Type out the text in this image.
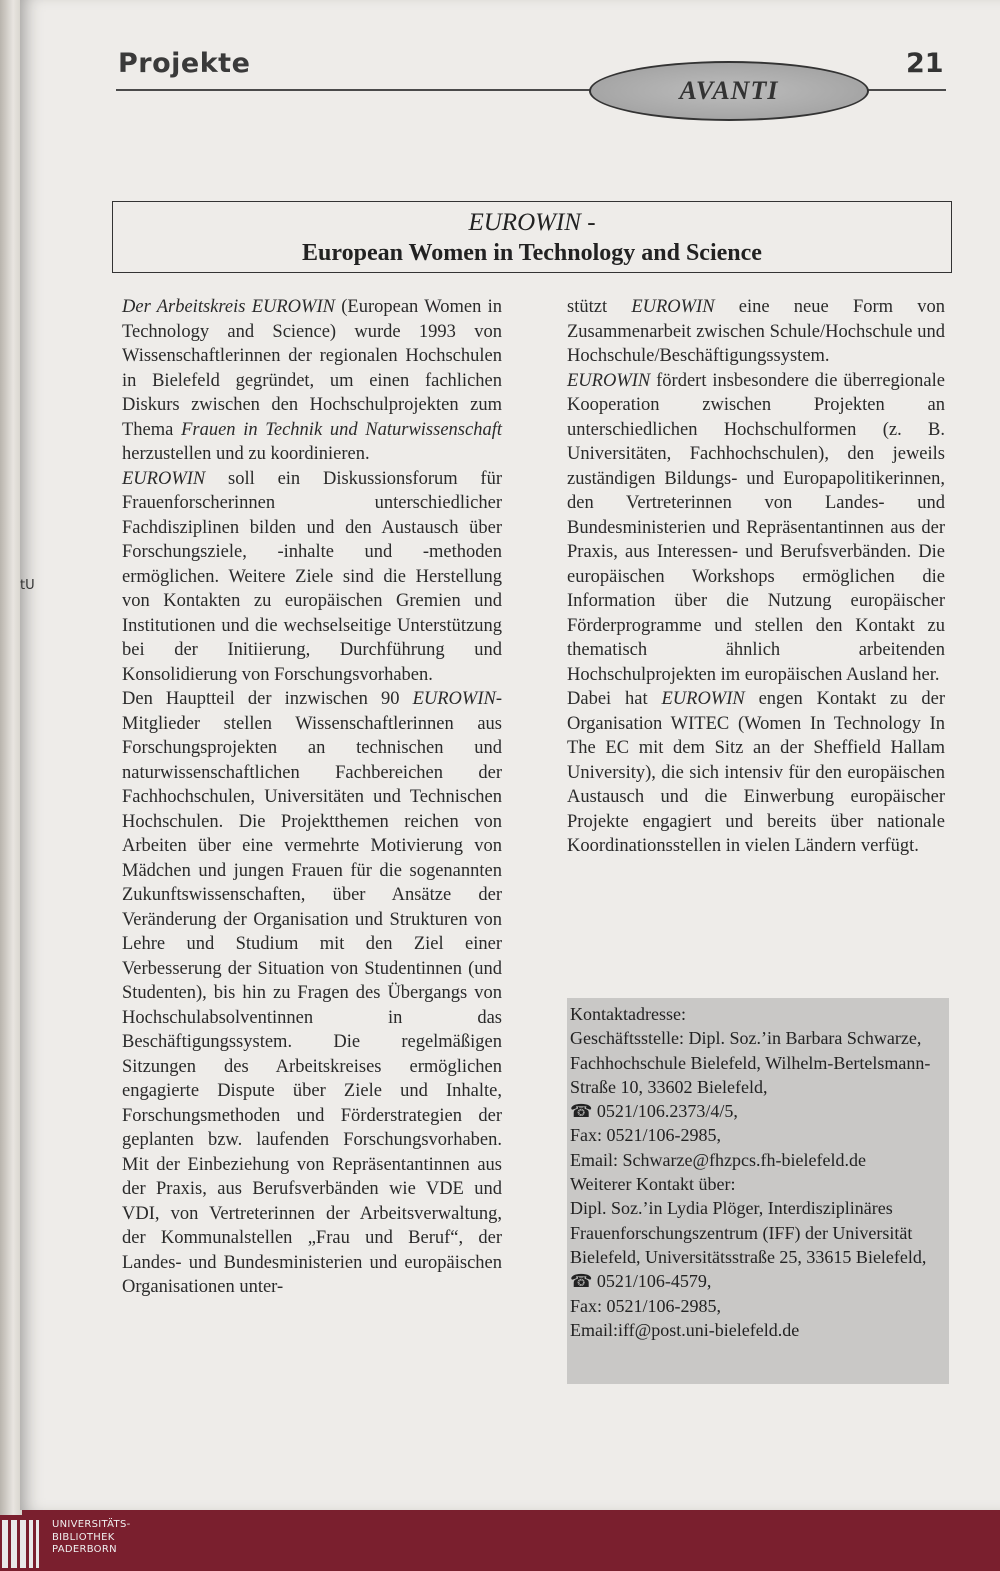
tU
Projekte
AVANTI
21
EUROWIN -
European Women in Technology and Science

Der Arbeitskreis EUROWIN (European Women in Technology and Science) wurde 1993 von Wissenschaftlerinnen der regionalen Hochschulen in Bielefeld gegründet, um einen fachlichen Diskurs zwischen den Hochschulprojekten zum Thema Frauen in Technik und Naturwissenschaft herzustellen und zu koordinieren.

EUROWIN soll ein Diskussionsforum für Frauenforscherinnen unterschiedlicher Fachdisziplinen bilden und den Austausch über Forschungsziele, -inhalte und -methoden ermöglichen. Weitere Ziele sind die Herstellung von Kontakten zu europäischen Gremien und Institutionen und die wechselseitige Unterstützung bei der Initiierung, Durchführung und Konsolidierung von Forschungsvorhaben.

Den Hauptteil der inzwischen 90 EUROWIN-Mitglieder stellen Wissenschaftlerinnen aus Forschungsprojekten an technischen und naturwissenschaftlichen Fachbereichen der Fachhochschulen, Universitäten und Technischen Hochschulen. Die Projektthemen reichen von Arbeiten über eine vermehrte Motivierung von Mädchen und jungen Frauen für die sogenannten Zukunftswissenschaften, über Ansätze der Veränderung der Organisation und Strukturen von Lehre und Studium mit den Ziel einer Verbesserung der Situation von Studentinnen (und Studenten), bis hin zu Fragen des Übergangs von Hochschulabsolventinnen in das Beschäftigungssystem. Die regelmäßigen Sitzungen des Arbeitskreises ermöglichen engagierte Dispute über Ziele und Inhalte, Forschungsmethoden und Förderstrategien der geplanten bzw. laufenden Forschungsvorhaben. Mit der Einbeziehung von Repräsentantinnen aus der Praxis, aus Berufsverbänden wie VDE und VDI, von Vertreterinnen der Arbeitsverwaltung, der Kommunalstellen „Frau und Beruf“, der Landes- und Bundesministerien und europäischen Organisationen unter-

stützt EUROWIN eine neue Form von Zusammenarbeit zwischen Schule/Hochschule und Hochschule/Beschäftigungssystem.

EUROWIN fördert insbesondere die überregionale Kooperation zwischen Projekten an unterschiedlichen Hochschulformen (z. B. Universitäten, Fachhochschulen), den jeweils zuständigen Bildungs- und Europapolitikerinnen, den Vertreterinnen von Landes- und Bundesministerien und Repräsentantinnen aus der Praxis, aus Interessen- und Berufsverbänden. Die europäischen Workshops ermöglichen die Information über die Nutzung europäischer Förderprogramme und stellen den Kontakt zu thematisch ähnlich arbeitenden Hochschulprojekten im europäischen Ausland her.

Dabei hat EUROWIN engen Kontakt zu der Organisation WITEC (Women In Technology In The EC mit dem Sitz an der Sheffield Hallam University), die sich intensiv für den europäischen Austausch und die Einwerbung europäischer Projekte engagiert und bereits über nationale Koordinationsstellen in vielen Ländern verfügt.

Kontaktadresse:

Geschäftsstelle: Dipl. Soz.’in Barbara Schwarze, Fachhochschule Bielefeld, Wilhelm-Bertelsmann-Straße 10, 33602 Bielefeld,

☎ 0521/106.2373/4/5,

Fax: 0521/106-2985,

Email: Schwarze@fhzpcs.fh-bielefeld.de

Weiterer Kontakt über:

Dipl. Soz.’in Lydia Plöger, Interdisziplinäres Frauenforschungszentrum (IFF) der Universität Bielefeld, Universitätsstraße 25, 33615 Bielefeld,

☎ 0521/106-4579,

Fax: 0521/106-2985,

Email:iff@post.uni-bielefeld.de

UNIVERSITÄTS-
BIBLIOTHEK
PADERBORN
